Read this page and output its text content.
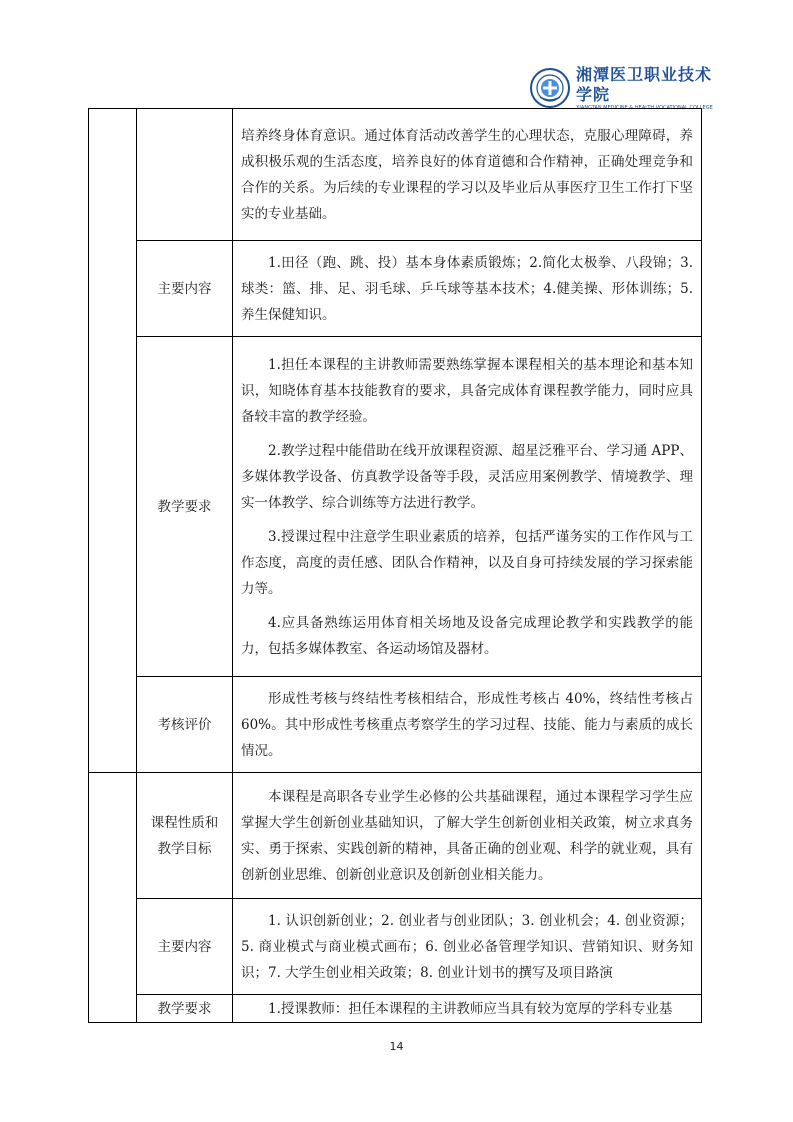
湘潭医卫职业技术学院
XIANGTAN MEDICINE & HEALTH VOCATIONAL COLLEGE

		培养终身体育意识。通过体育活动改善学生的心理状态，克服心理障碍，养成积极乐观的生活态度，培养良好的体育道德和合作精神，正确处理竞争和合作的关系。为后续的专业课程的学习以及毕业后从事医疗卫生工作打下坚实的专业基础。

	主要内容	1.田径（跑、跳、投）基本身体素质锻炼；2.简化太极拳、八段锦；3.球类：篮、排、足、羽毛球、乒乓球等基本技术；4.健美操、形体训练；5.养生保健知识。

	教学要求	1.担任本课程的主讲教师需要熟练掌握本课程相关的基本理论和基本知识，知晓体育基本技能教育的要求，具备完成体育课程教学能力，同时应具备较丰富的教学经验。

2.教学过程中能借助在线开放课程资源、超星泛雅平台、学习通 APP、多媒体教学设备、仿真教学设备等手段，灵活应用案例教学、情境教学、理实一体教学、综合训练等方法进行教学。

3.授课过程中注意学生职业素质的培养，包括严谨务实的工作作风与工作态度，高度的责任感、团队合作精神，以及自身可持续发展的学习探索能力等。

4.应具备熟练运用体育相关场地及设备完成理论教学和实践教学的能力，包括多媒体教室、各运动场馆及器材。

	考核评价	形成性考核与终结性考核相结合，形成性考核占 40%，终结性考核占 60%。其中形成性考核重点考察学生的学习过程、技能、能力与素质的成长情况。

	课程性质和
教学目标	本课程是高职各专业学生必修的公共基础课程，通过本课程学习学生应掌握大学生创新创业基础知识，了解大学生创新创业相关政策，树立求真务实、勇于探索、实践创新的精神，具备正确的创业观、科学的就业观，具有创新创业思维、创新创业意识及创新创业相关能力。

	主要内容	1. 认识创新创业；2. 创业者与创业团队；3. 创业机会；4. 创业资源；5. 商业模式与商业模式画布；6. 创业必备管理学知识、营销知识、财务知识；7. 大学生创业相关政策；8. 创业计划书的撰写及项目路演

	教学要求	1.授课教师：担任本课程的主讲教师应当具有较为宽厚的学科专业基

14
